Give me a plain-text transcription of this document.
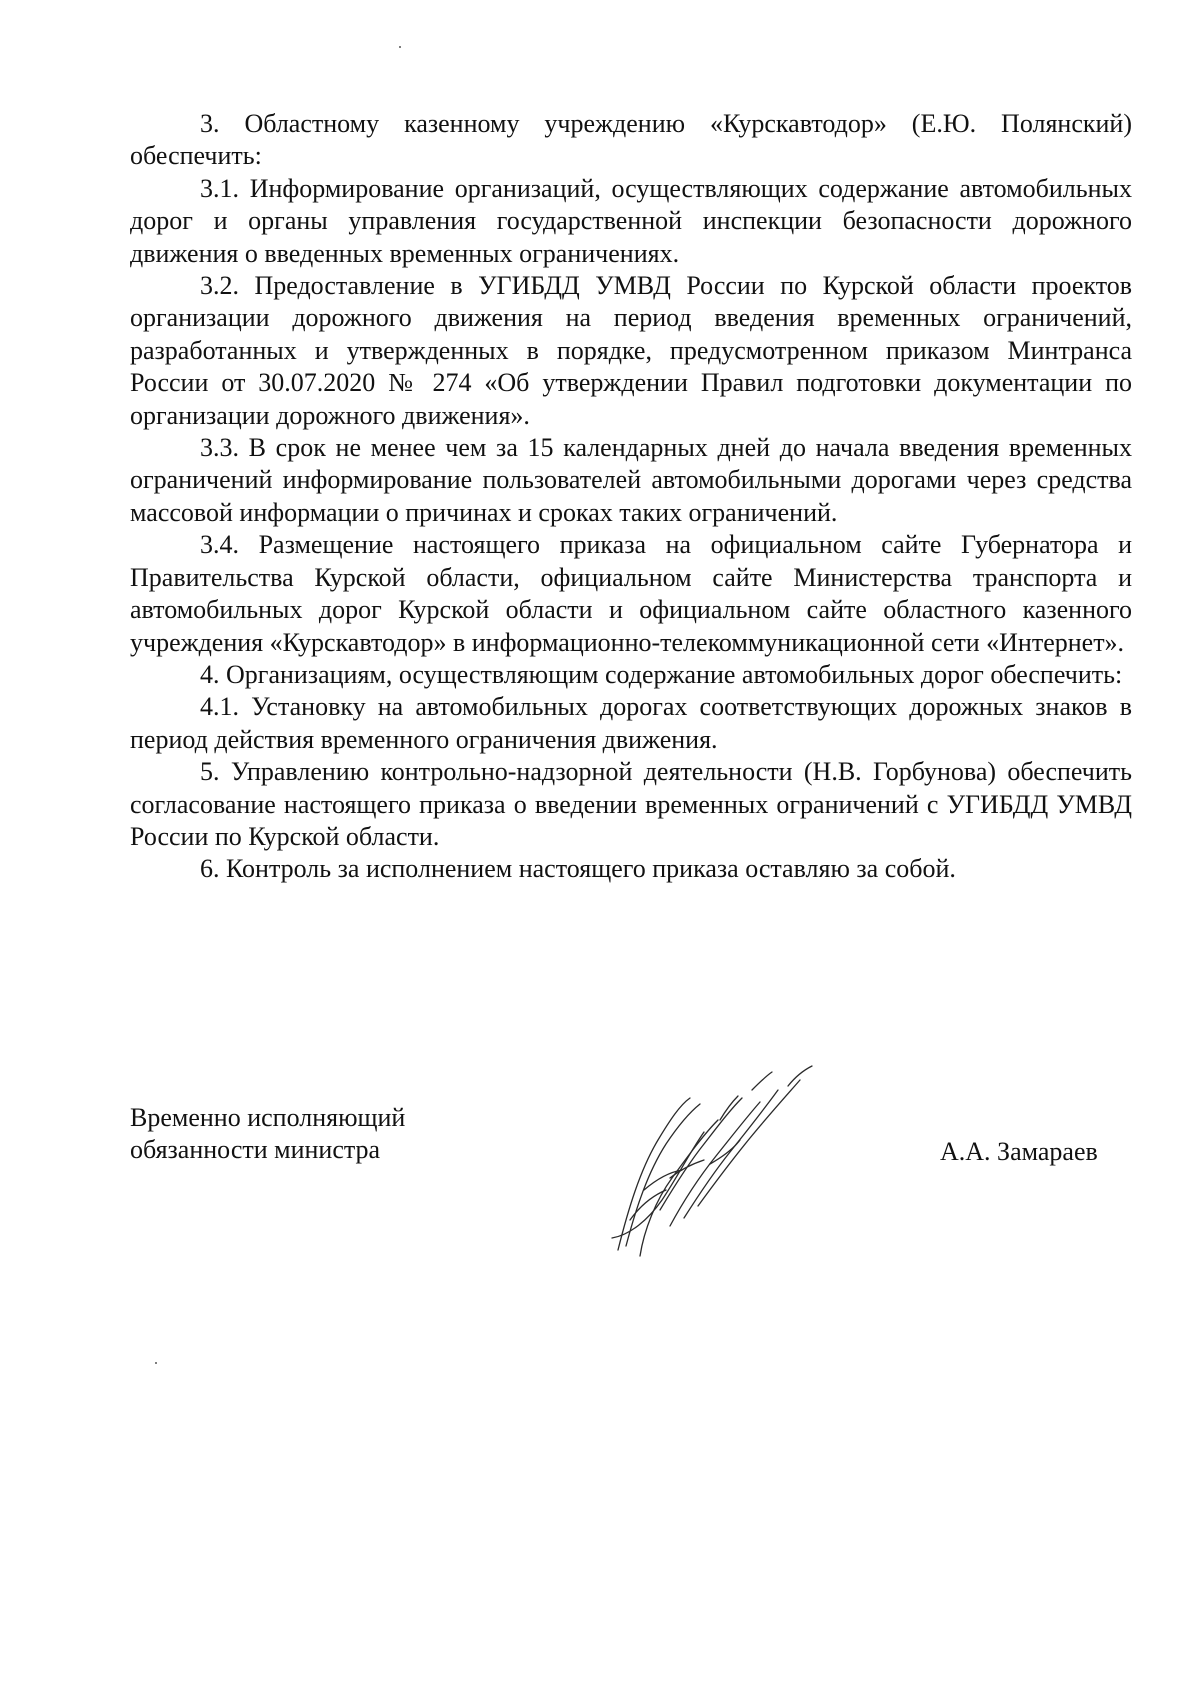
3. Областному казенному учреждению «Курскавтодор» (Е.Ю. Полянский) обеспечить:

3.1. Информирование организаций, осуществляющих содержание автомобильных дорог и органы управления государственной инспекции безопасности дорожного движения о введенных временных ограничениях.

3.2. Предоставление в УГИБДД УМВД России по Курской области проектов организации дорожного движения на период введения временных ограничений, разработанных и утвержденных в порядке, предусмотренном приказом Минтранса России от 30.07.2020 № 274 «Об утверждении Правил подготовки документации по организации дорожного движения».

3.3. В срок не менее чем за 15 календарных дней до начала введения временных ограничений информирование пользователей автомобильными дорогами через средства массовой информации о причинах и сроках таких ограничений.

3.4. Размещение настоящего приказа на официальном сайте Губернатора и Правительства Курской области, официальном сайте Министерства транспорта и автомобильных дорог Курской области и официальном сайте областного казенного учреждения «Курскавтодор» в информационно-телекоммуникационной сети «Интернет».

4. Организациям, осуществляющим содержание автомобильных дорог обеспечить:

4.1. Установку на автомобильных дорогах соответствующих дорожных знаков в период действия временного ограничения движения.

5. Управлению контрольно-надзорной деятельности (Н.В. Горбунова) обеспечить согласование настоящего приказа о введении временных ограничений с УГИБДД УМВД России по Курской области.

6. Контроль за исполнением настоящего приказа оставляю за собой.

Временно исполняющий
обязанности министра	А.А. Замараев
